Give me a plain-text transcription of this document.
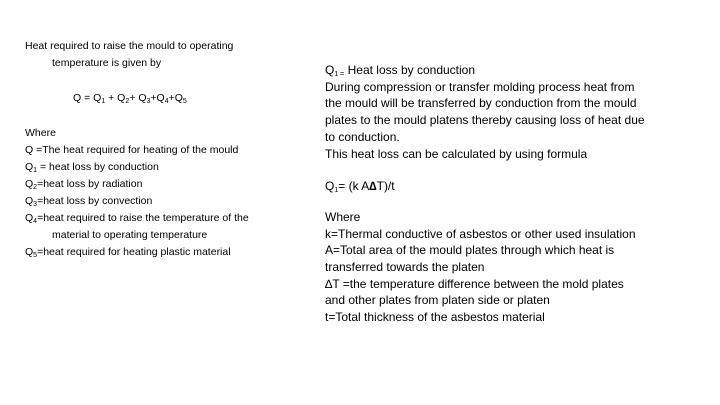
Heat required to raise the mould to operating
temperature is given by
$Q = Q_1 + Q_2+ Q_3+Q_4+Q_5$
Where
Q =The heat required for heating of the mould
$Q_1$ = heat loss by conduction
$Q_2=heat$ loss by radiation
$Q_3=heat$ loss by convection
$Q_4=heat$ required to raise the temperature of the
material to operating temperature
$Q_5=heat$ required for heating plastic material
$Q_{1 =}$ Heat loss by conduction
During compression or transfer molding process heat from
the mould will be transferred by conduction from the mould
plates to the mould platens thereby causing loss of heat due
to conduction.
This heat loss can be calculated by using formula
$Q_1= (k$ A∆T)/t
Where
k=Thermal conductive of asbestos or other used insulation
A=Total area of the mould plates through which heat is
transferred towards the platen
∆T =the temperature difference between the mold plates
and other plates from platen side or platen
t=Total thickness of the asbestos material
